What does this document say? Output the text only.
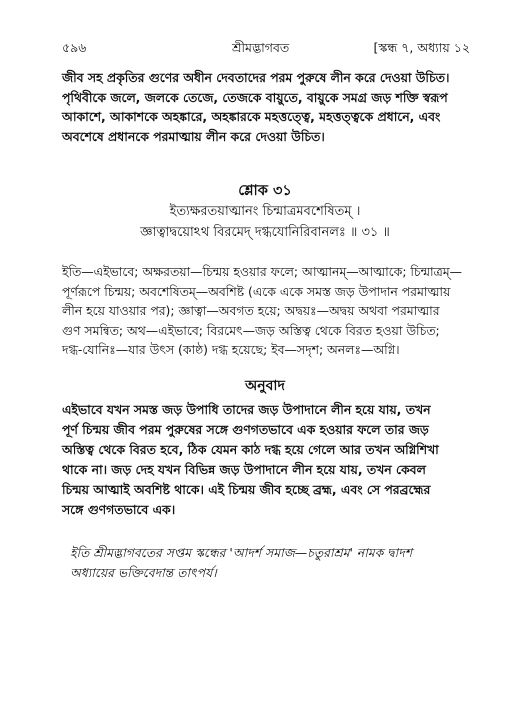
৫৯৬	শ্রীমদ্ভাগবত	[স্কন্ধ ৭, অধ্যায় ১২
জীব সহ প্রকৃতির গুণের অধীন দেবতাদের পরম পুরুষে লীন করে দেওয়া উচিত।
পৃথিবীকে জলে, জলকে তেজে, তেজকে বায়ুতে, বায়ুকে সমগ্র জড় শক্তি স্বরূপ
আকাশে, আকাশকে অহঙ্কারে, অহঙ্কারকে মহত্তত্ত্বে, মহত্তত্ত্বকে প্রধানে, এবং
অবশেষে প্রধানকে পরমাত্মায় লীন করে দেওয়া উচিত।
শ্লোক ৩১
ইত্যক্ষরতয়াত্মানং চিন্মাত্রমবশেষিতম্ ।
জ্ঞাত্বাদ্বয়োঽথ বিরমেদ্ দগ্ধযোনিরিবানলঃ ॥ ৩১ ॥
ইতি—এইভাবে; অক্ষরতয়া—চিন্ময় হওয়ার ফলে; আত্মানম্—আত্মাকে; চিন্মাত্রম্—
পূর্ণরূপে চিন্ময়; অবশেষিতম্—অবশিষ্ট (একে একে সমস্ত জড় উপাদান পরমাত্মায়
লীন হয়ে যাওয়ার পর); জ্ঞাত্বা—অবগত হয়ে; অদ্বয়ঃ—অদ্বয় অথবা পরমাত্মার
গুণ সমন্বিত; অথ—এইভাবে; বিরমেৎ—জড় অস্তিত্ব থেকে বিরত হওয়া উচিত;
দগ্ধ-যোনিঃ—যার উৎস (কাষ্ঠ) দগ্ধ হয়েছে; ইব—সদৃশ; অনলঃ—অগ্নি।
অনুবাদ
এইভাবে যখন সমস্ত জড় উপাধি তাদের জড় উপাদানে লীন হয়ে যায়, তখন
পূর্ণ চিন্ময় জীব পরম পুরুষের সঙ্গে গুণগতভাবে এক হওয়ার ফলে তার জড়
অস্তিত্ব থেকে বিরত হবে, ঠিক যেমন কাঠ দগ্ধ হয়ে গেলে আর তখন অগ্নিশিখা
থাকে না। জড় দেহ যখন বিভিন্ন জড় উপাদানে লীন হয়ে যায়, তখন কেবল
চিন্ময় আত্মাই অবশিষ্ট থাকে। এই চিন্ময় জীব হচ্ছে ব্রহ্ম, এবং সে পরব্রহ্মের
সঙ্গে গুণগতভাবে এক।
ইতি শ্রীমদ্ভাগবতের সপ্তম স্কন্ধের 'আদর্শ সমাজ—চতুরাশ্রম' নামক দ্বাদশ
অধ্যায়ের ভক্তিবেদান্ত তাৎপর্য।
